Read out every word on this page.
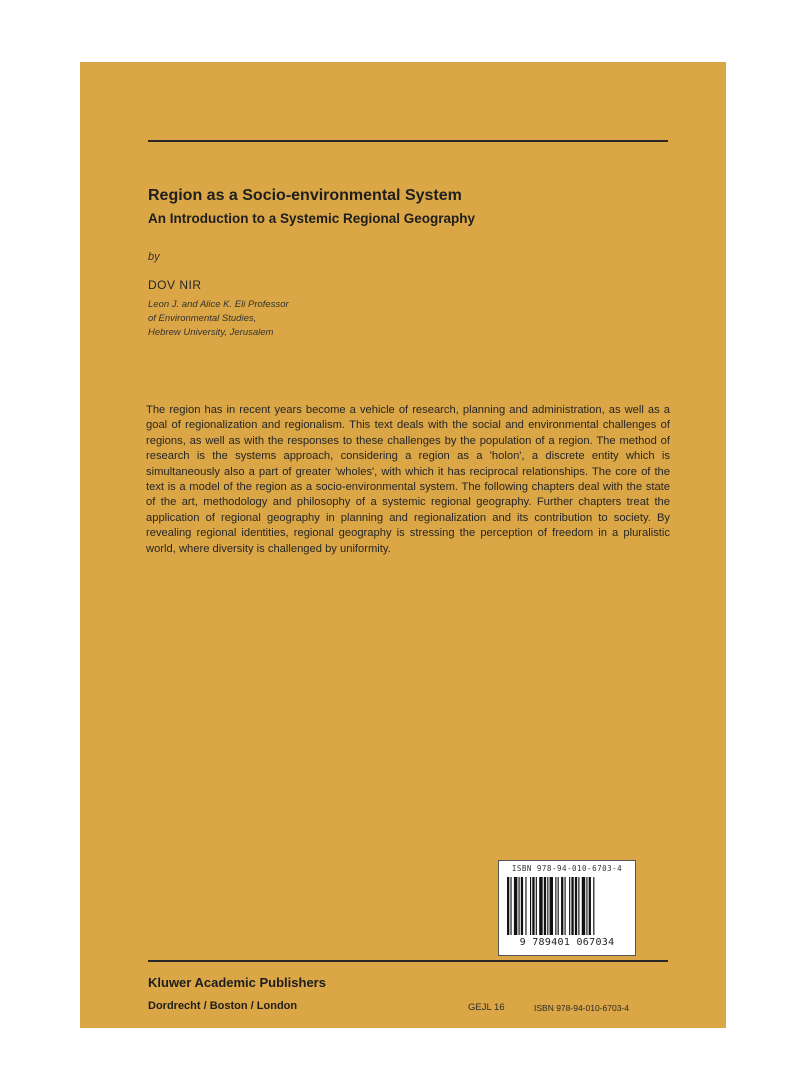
Region as a Socio-environmental System
An Introduction to a Systemic Regional Geography
by
DOV NIR
Leon J. and Alice K. Eli Professor
of Environmental Studies,
Hebrew University, Jerusalem
The region has in recent years become a vehicle of research, planning and administration, as well as a goal of regionalization and regionalism. This text deals with the social and environmental challenges of regions, as well as with the responses to these challenges by the population of a region. The method of research is the systems approach, considering a region as a 'holon', a discrete entity which is simultaneously also a part of greater 'wholes', with which it has reciprocal relationships. The core of the text is a model of the region as a socio-environmental system. The following chapters deal with the state of the art, methodology and philosophy of a systemic regional geography. Further chapters treat the application of regional geography in planning and regionalization and its contribution to society. By revealing regional identities, regional geography is stressing the perception of freedom in a pluralistic world, where diversity is challenged by uniformity.
ISBN 978-94-010-6703-4
9 789401 067034
Kluwer Academic Publishers
Dordrecht / Boston / London	GEJL 16	ISBN 978-94-010-6703-4
